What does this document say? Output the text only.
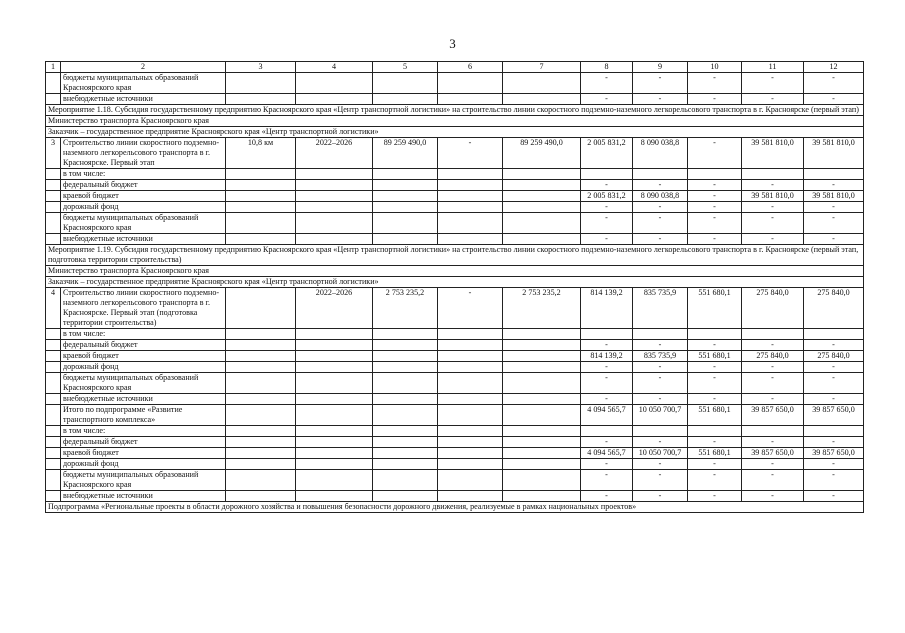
3
1	2	3	4	5	6	7	8	9	10	11	12
	бюджеты муниципальных образований Красноярского края						-	-	-	-	-
	внебюджетные источники						-	-	-	-	-
Мероприятие 1.18. Субсидия государственному предприятию Красноярского края «Центр транспортной логистики» на строительство линии скоростного подземно-наземного легкорельсового транспорта в г. Красноярске (первый этап)											
Министерство транспорта Красноярского края											
Заказчик – государственное предприятие Красноярского края «Центр транспортной логистики»											
3	Строительство линии скоростного подземно-наземного легкорельсового транспорта в г. Красноярске. Первый этап	10,8 км	2022–2026	89 259 490,0	-	89 259 490,0	2 005 831,2	8 090 038,8	-	39 581 810,0	39 581 810,0
	в том числе:										
	федеральный бюджет						-	-	-	-	-
	краевой бюджет						2 005 831,2	8 090 038,8	-	39 581 810,0	39 581 810,0
	дорожный фонд						-	-	-	-	-
	бюджеты муниципальных образований Красноярского края						-	-	-	-	-
	внебюджетные источники						-	-	-	-	-
Мероприятие 1.19. Субсидия государственному предприятию Красноярского края «Центр транспортной логистики» на строительство линии скоростного подземно-наземного легкорельсового транспорта в г. Красноярске (первый этап, подготовка территории строительства)											
Министерство транспорта Красноярского края											
Заказчик – государственное предприятие Красноярского края «Центр транспортной логистики»											
4	Строительство линии скоростного подземно-наземного легкорельсового транспорта в г. Красноярске. Первый этап (подготовка территории строительства)		2022–2026	2 753 235,2	-	2 753 235,2	814 139,2	835 735,9	551 680,1	275 840,0	275 840,0
	в том числе:										
	федеральный бюджет						-	-	-	-	-
	краевой бюджет						814 139,2	835 735,9	551 680,1	275 840,0	275 840,0
	дорожный фонд						-	-	-	-	-
	бюджеты муниципальных образований Красноярского края						-	-	-	-	-
	внебюджетные источники						-	-	-	-	-
	Итого по подпрограмме «Развитие транспортного комплекса»						4 094 565,7	10 050 700,7	551 680,1	39 857 650,0	39 857 650,0
	в том числе:										
	федеральный бюджет						-	-	-	-	-
	краевой бюджет						4 094 565,7	10 050 700,7	551 680,1	39 857 650,0	39 857 650,0
	дорожный фонд						-	-	-	-	-
	бюджеты муниципальных образований Красноярского края						-	-	-	-	-
	внебюджетные источники						-	-	-	-	-
Подпрограмма «Региональные проекты в области дорожного хозяйства и повышения безопасности дорожного движения, реализуемые в рамках национальных проектов»											
